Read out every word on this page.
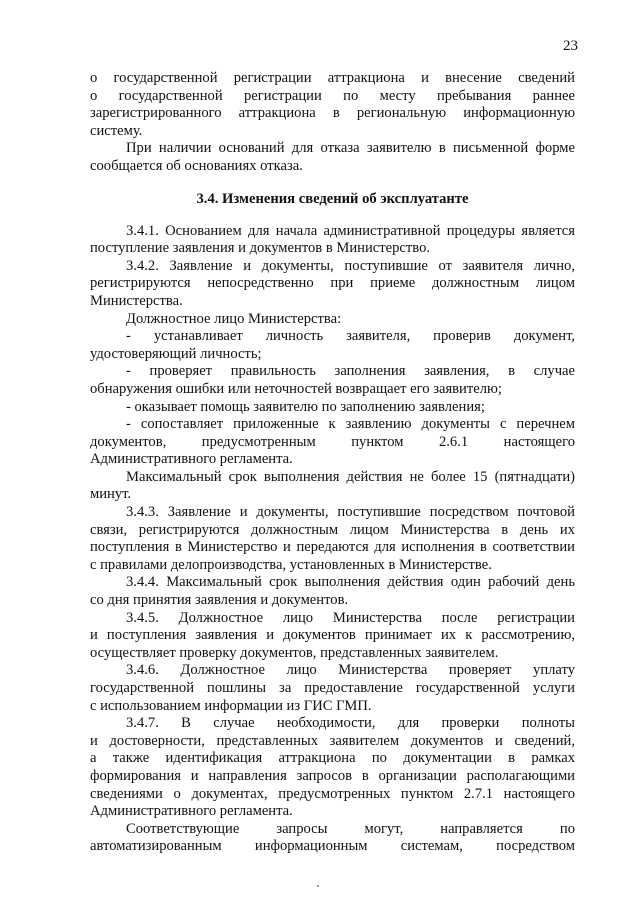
23
о государственной регистрации аттракциона и внесение сведений
о государственной регистрации по месту пребывания раннее
зарегистрированного аттракциона в региональную информационную
систему.
При наличии оснований для отказа заявителю в письменной форме
сообщается об основаниях отказа.
3.4. Изменения сведений об эксплуатанте
3.4.1. Основанием для начала административной процедуры является
поступление заявления и документов в Министерство.
3.4.2. Заявление и документы, поступившие от заявителя лично,
регистрируются непосредственно при приеме должностным лицом
Министерства.
Должностное лицо Министерства:
- устанавливает личность заявителя, проверив документ,
удостоверяющий личность;
- проверяет правильность заполнения заявления, в случае
обнаружения ошибки или неточностей возвращает его заявителю;
- оказывает помощь заявителю по заполнению заявления;
- сопоставляет приложенные к заявлению документы с перечнем
документов, предусмотренным пунктом 2.6.1 настоящего
Административного регламента.
Максимальный срок выполнения действия не более 15 (пятнадцати)
минут.
3.4.3. Заявление и документы, поступившие посредством почтовой
связи, регистрируются должностным лицом Министерства в день их
поступления в Министерство и передаются для исполнения в соответствии
с правилами делопроизводства, установленных в Министерстве.
3.4.4. Максимальный срок выполнения действия один рабочий день
со дня принятия заявления и документов.
3.4.5. Должностное лицо Министерства после регистрации
и поступления заявления и документов принимает их к рассмотрению,
осуществляет проверку документов, представленных заявителем.
3.4.6. Должностное лицо Министерства проверяет уплату
государственной пошлины за предоставление государственной услуги
с использованием информации из ГИС ГМП.
3.4.7. В случае необходимости, для проверки полноты
и достоверности, представленных заявителем документов и сведений,
а также идентификация аттракциона по документации в рамках
формирования и направления запросов в организации располагающими
сведениями о документах, предусмотренных пунктом 2.7.1 настоящего
Административного регламента.
Соответствующие запросы могут, направляется по
автоматизированным информационным системам, посредством
